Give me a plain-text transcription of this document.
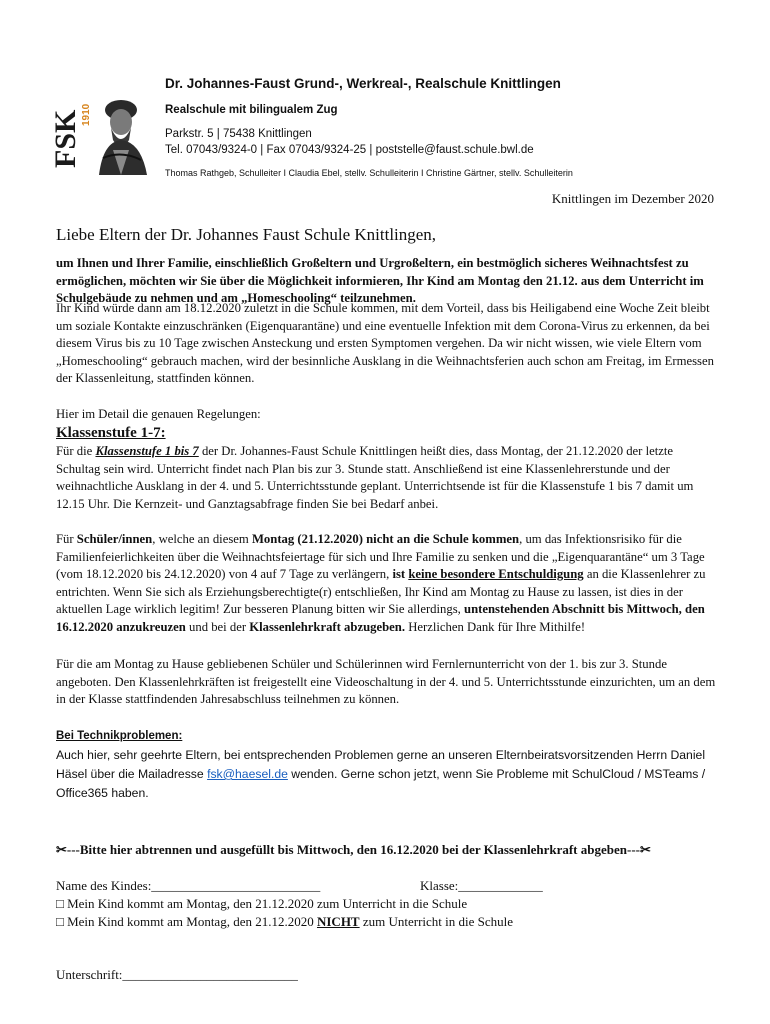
FSK 1910
Dr. Johannes-Faust Grund-, Werkreal-, Realschule Knittlingen
Realschule mit bilingualem Zug
Parkstr. 5 | 75438 Knittlingen
Tel. 07043/9324-0 | Fax 07043/9324-25 | poststelle@faust.schule.bwl.de
Thomas Rathgeb, Schulleiter I Claudia Ebel, stellv. Schulleiterin I Christine Gärtner, stellv. Schulleiterin
Knittlingen im Dezember 2020
Liebe Eltern der Dr. Johannes Faust Schule Knittlingen,
um Ihnen und Ihrer Familie, einschließlich Großeltern und Urgroßeltern, ein bestmöglich sicheres Weihnachtsfest zu ermöglichen, möchten wir Sie über die Möglichkeit informieren, Ihr Kind am Montag den 21.12. aus dem Unterricht im Schulgebäude zu nehmen und am „Homeschooling“ teilzunehmen.
Ihr Kind würde dann am 18.12.2020 zuletzt in die Schule kommen, mit dem Vorteil, dass bis Heiligabend eine Woche Zeit bleibt um soziale Kontakte einzuschränken (Eigenquarantäne) und eine eventuelle Infektion mit dem Corona-Virus zu erkennen, da bei diesem Virus bis zu 10 Tage zwischen Ansteckung und ersten Symptomen vergehen. Da wir nicht wissen, wie viele Eltern vom „Homeschooling“ gebrauch machen, wird der besinnliche Ausklang in die Weihnachtsferien auch schon am Freitag, im Ermessen der Klassenleitung, stattfinden können.
Hier im Detail die genauen Regelungen:
Klassenstufe 1-7:
Für die Klassenstufe 1 bis 7 der Dr. Johannes-Faust Schule Knittlingen heißt dies, dass Montag, der 21.12.2020 der letzte Schultag sein wird. Unterricht findet nach Plan bis zur 3. Stunde statt. Anschließend ist eine Klassenlehrerstunde und der weihnachtliche Ausklang in der 4. und 5. Unterrichtsstunde geplant. Unterrichtsende ist für die Klassenstufe 1 bis 7 damit um 12.15 Uhr. Die Kernzeit- und Ganztagsabfrage finden Sie bei Bedarf anbei.
Für Schüler/innen, welche an diesem Montag (21.12.2020) nicht an die Schule kommen, um das Infektionsrisiko für die Familienfeierlichkeiten über die Weihnachtsfeiertage für sich und Ihre Familie zu senken und die „Eigenquarantäne“ um 3 Tage (vom 18.12.2020 bis 24.12.2020) von 4 auf 7 Tage zu verlängern, ist keine besondere Entschuldigung an die Klassenlehrer zu entrichten. Wenn Sie sich als Erziehungsberechtigte(r) entschließen, Ihr Kind am Montag zu Hause zu lassen, ist dies in der aktuellen Lage wirklich legitim! Zur besseren Planung bitten wir Sie allerdings, untenstehenden Abschnitt bis Mittwoch, den 16.12.2020 anzukreuzen und bei der Klassenlehrkraft abzugeben. Herzlichen Dank für Ihre Mithilfe!
Für die am Montag zu Hause gebliebenen Schüler und Schülerinnen wird Fernlernunterricht von der 1. bis zur 3. Stunde angeboten. Den Klassenlehrkräften ist freigestellt eine Videoschaltung in der 4. und 5. Unterrichtsstunde einzurichten, um an dem in der Klasse stattfindenden Jahresabschluss teilnehmen zu können.
Bei Technikproblemen:
Auch hier, sehr geehrte Eltern, bei entsprechenden Problemen gerne an unseren Elternbeiratsvorsitzenden Herrn Daniel Häsel über die Mailadresse fsk@haesel.de wenden. Gerne schon jetzt, wenn Sie Probleme mit SchulCloud / MSTeams / Office365 haben.
✂---Bitte hier abtrennen und ausgefüllt bis Mittwoch, den 16.12.2020 bei der Klassenlehrkraft abgeben---✂
Name des Kindes:__________________________	Klasse:_____________
□ Mein Kind kommt am Montag, den 21.12.2020 zum Unterricht in die Schule
□ Mein Kind kommt am Montag, den 21.12.2020 NICHT zum Unterricht in die Schule
Unterschrift:___________________________
